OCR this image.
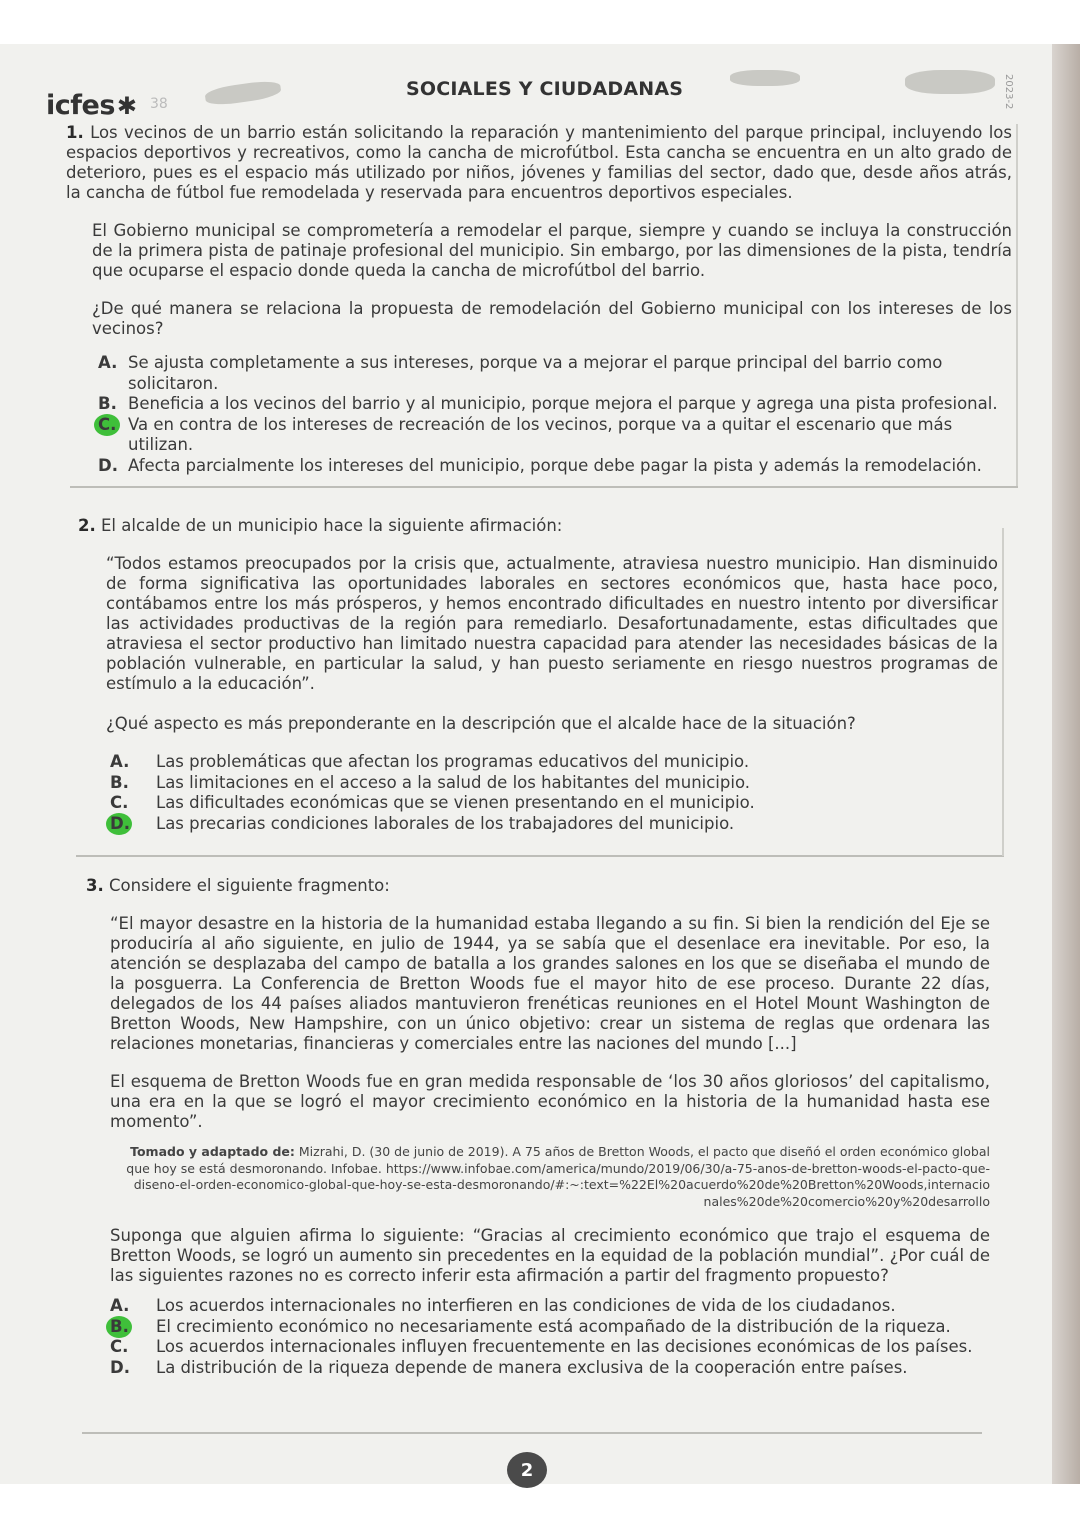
icfes✱ 38
SOCIALES Y CIUDADANAS	2023-2

1. Los vecinos de un barrio están solicitando la reparación y mantenimiento del parque principal, incluyendo los espacios deportivos y recreativos, como la cancha de microfútbol. Esta cancha se encuentra en un alto grado de deterioro, pues es el espacio más utilizado por niños, jóvenes y familias del sector, dado que, desde años atrás, la cancha de fútbol fue remodelada y reservada para encuentros deportivos especiales.

El Gobierno municipal se comprometería a remodelar el parque, siempre y cuando se incluya la construcción de la primera pista de patinaje profesional del municipio. Sin embargo, por las dimensiones de la pista, tendría que ocuparse el espacio donde queda la cancha de microfútbol del barrio.

¿De qué manera se relaciona la propuesta de remodelación del Gobierno municipal con los intereses de los vecinos?

A. Se ajusta completamente a sus intereses, porque va a mejorar el parque principal del barrio como solicitaron.
B. Beneficia a los vecinos del barrio y al municipio, porque mejora el parque y agrega una pista profesional.
C. Va en contra de los intereses de recreación de los vecinos, porque va a quitar el escenario que más utilizan.
D. Afecta parcialmente los intereses del municipio, porque debe pagar la pista y además la remodelación.

2. El alcalde de un municipio hace la siguiente afirmación:

“Todos estamos preocupados por la crisis que, actualmente, atraviesa nuestro municipio. Han disminuido de forma significativa las oportunidades laborales en sectores económicos que, hasta hace poco, contábamos entre los más prósperos, y hemos encontrado dificultades en nuestro intento por diversificar las actividades productivas de la región para remediarlo. Desafortunadamente, estas dificultades que atraviesa el sector productivo han limitado nuestra capacidad para atender las necesidades básicas de la población vulnerable, en particular la salud, y han puesto seriamente en riesgo nuestros programas de estímulo a la educación”.

¿Qué aspecto es más preponderante en la descripción que el alcalde hace de la situación?

A.	Las problemáticas que afectan los programas educativos del municipio.
B.	Las limitaciones en el acceso a la salud de los habitantes del municipio.
C.	Las dificultades económicas que se vienen presentando en el municipio.
D.	Las precarias condiciones laborales de los trabajadores del municipio.

3. Considere el siguiente fragmento:

“El mayor desastre en la historia de la humanidad estaba llegando a su fin. Si bien la rendición del Eje se produciría al año siguiente, en julio de 1944, ya se sabía que el desenlace era inevitable. Por eso, la atención se desplazaba del campo de batalla a los grandes salones en los que se diseñaba el mundo de la posguerra. La Conferencia de Bretton Woods fue el mayor hito de ese proceso. Durante 22 días, delegados de los 44 países aliados mantuvieron frenéticas reuniones en el Hotel Mount Washington de Bretton Woods, New Hampshire, con un único objetivo: crear un sistema de reglas que ordenara las relaciones monetarias, financieras y comerciales entre las naciones del mundo [...]

El esquema de Bretton Woods fue en gran medida responsable de ‘los 30 años gloriosos’ del capitalismo, una era en la que se logró el mayor crecimiento económico en la historia de la humanidad hasta ese momento”.

Tomado y adaptado de: Mizrahi, D. (30 de junio de 2019). A 75 años de Bretton Woods, el pacto que diseñó el orden económico global que hoy se está desmoronando. Infobae. https://www.infobae.com/america/mundo/2019/06/30/a-75-anos-de-bretton-woods-el-pacto-que-diseno-el-orden-economico-global-que-hoy-se-esta-desmoronando/#:~:text=%22El%20acuerdo%20de%20Bretton%20Woods,internacionales%20de%20comercio%20y%20desarrollo

Suponga que alguien afirma lo siguiente: “Gracias al crecimiento económico que trajo el esquema de Bretton Woods, se logró un aumento sin precedentes en la equidad de la población mundial”. ¿Por cuál de las siguientes razones no es correcto inferir esta afirmación a partir del fragmento propuesto?

A.	Los acuerdos internacionales no interfieren en las condiciones de vida de los ciudadanos.
B.	El crecimiento económico no necesariamente está acompañado de la distribución de la riqueza.
C.	Los acuerdos internacionales influyen frecuentemente en las decisiones económicas de los países.
D.	La distribución de la riqueza depende de manera exclusiva de la cooperación entre países.
2
